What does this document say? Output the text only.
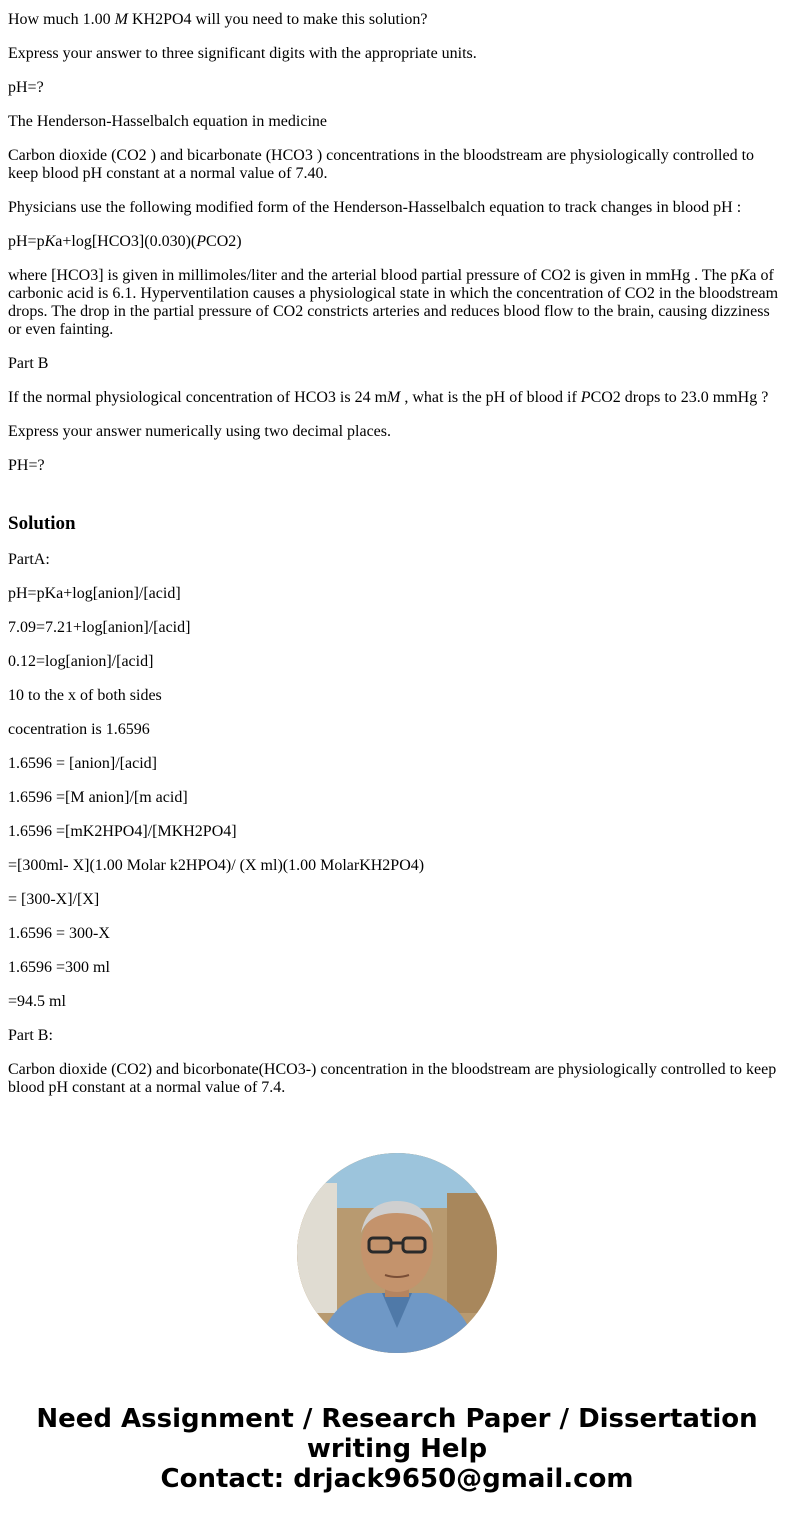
How much 1.00 M KH2PO4 will you need to make this solution?

Express your answer to three significant digits with the appropriate units.

pH=?

The Henderson-Hasselbalch equation in medicine

Carbon dioxide (CO2 ) and bicarbonate (HCO3 ) concentrations in the bloodstream are physiologically controlled to keep blood pH constant at a normal value of 7.40.

Physicians use the following modified form of the Henderson-Hasselbalch equation to track changes in blood pH :

pH=pKa+log[HCO3](0.030)(PCO2)

where [HCO3] is given in millimoles/liter and the arterial blood partial pressure of CO2 is given in mmHg . The pKa of carbonic acid is 6.1. Hyperventilation causes a physiological state in which the concentration of CO2 in the bloodstream drops. The drop in the partial pressure of CO2 constricts arteries and reduces blood flow to the brain, causing dizziness or even fainting.

Part B

If the normal physiological concentration of HCO3 is 24 mM , what is the pH of blood if PCO2 drops to 23.0 mmHg ?

Express your answer numerically using two decimal places.

PH=?

Solution

PartA:

pH=pKa+log[anion]/[acid]

7.09=7.21+log[anion]/[acid]

0.12=log[anion]/[acid]

10 to the x of both sides

cocentration is 1.6596

1.6596 = [anion]/[acid]

1.6596 =[M anion]/[m acid]

1.6596 =[mK2HPO4]/[MKH2PO4]

=[300ml- X](1.00 Molar k2HPO4)/ (X ml)(1.00 MolarKH2PO4)

= [300-X]/[X]

1.6596 = 300-X

1.6596 =300 ml

=94.5 ml

Part B:

Carbon dioxide (CO2) and bicorbonate(HCO3-) concentration in the bloodstream are physiologically controlled to keep blood pH constant at a normal value of 7.4.

Need Assignment / Research Paper / Dissertation
writing Help
Contact: drjack9650@gmail.com
